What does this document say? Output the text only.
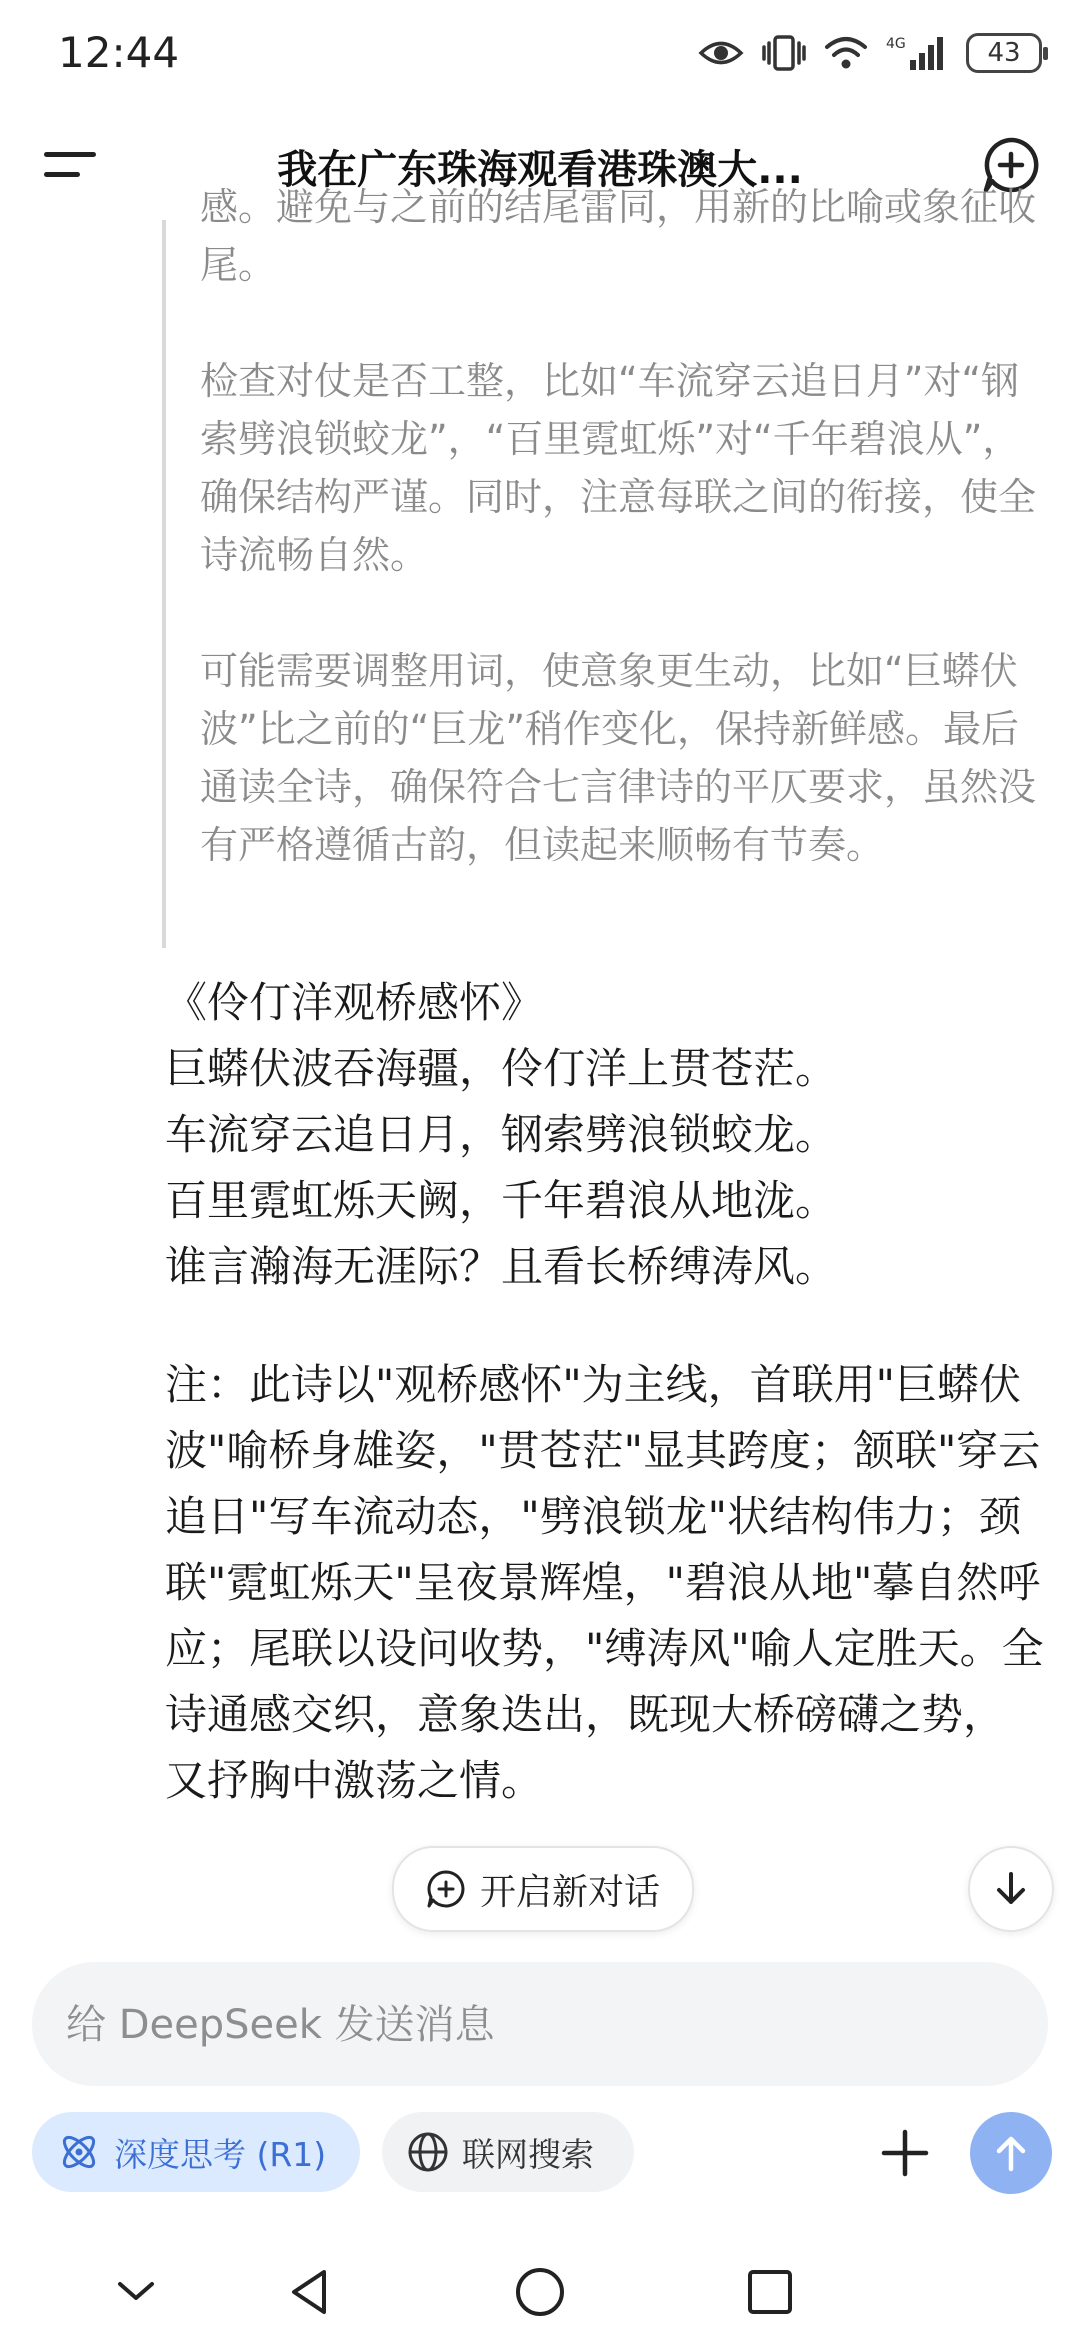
12:44	4G	43
我在广东珠海观看港珠澳大...

感。避免与之前的结尾雷同，用新的比喻或象征收尾。

检查对仗是否工整，比如“车流穿云追日月”对“钢索劈浪锁蛟龙”，“百里霓虹烁”对“千年碧浪从”，确保结构严谨。同时，注意每联之间的衔接，使全诗流畅自然。

可能需要调整用词，使意象更生动，比如“巨蟒伏波”比之前的“巨龙”稍作变化，保持新鲜感。最后通读全诗，确保符合七言律诗的平仄要求，虽然没有严格遵循古韵，但读起来顺畅有节奏。

《伶仃洋观桥感怀》

巨蟒伏波吞海疆，伶仃洋上贯苍茫。

车流穿云追日月，钢索劈浪锁蛟龙。

百里霓虹烁天阙，千年碧浪从地泷。

谁言瀚海无涯际？且看长桥缚涛风。

注：此诗以"观桥感怀"为主线，首联用"巨蟒伏波"喻桥身雄姿，"贯苍茫"显其跨度；颔联"穿云追日"写车流动态，"劈浪锁龙"状结构伟力；颈联"霓虹烁天"呈夜景辉煌，"碧浪从地"摹自然呼应；尾联以设问收势，"缚涛风"喻人定胜天。全诗通感交织，意象迭出，既现大桥磅礴之势，又抒胸中激荡之情。
开启新对话
给 DeepSeek 发送消息
深度思考 (R1)	联网搜索
